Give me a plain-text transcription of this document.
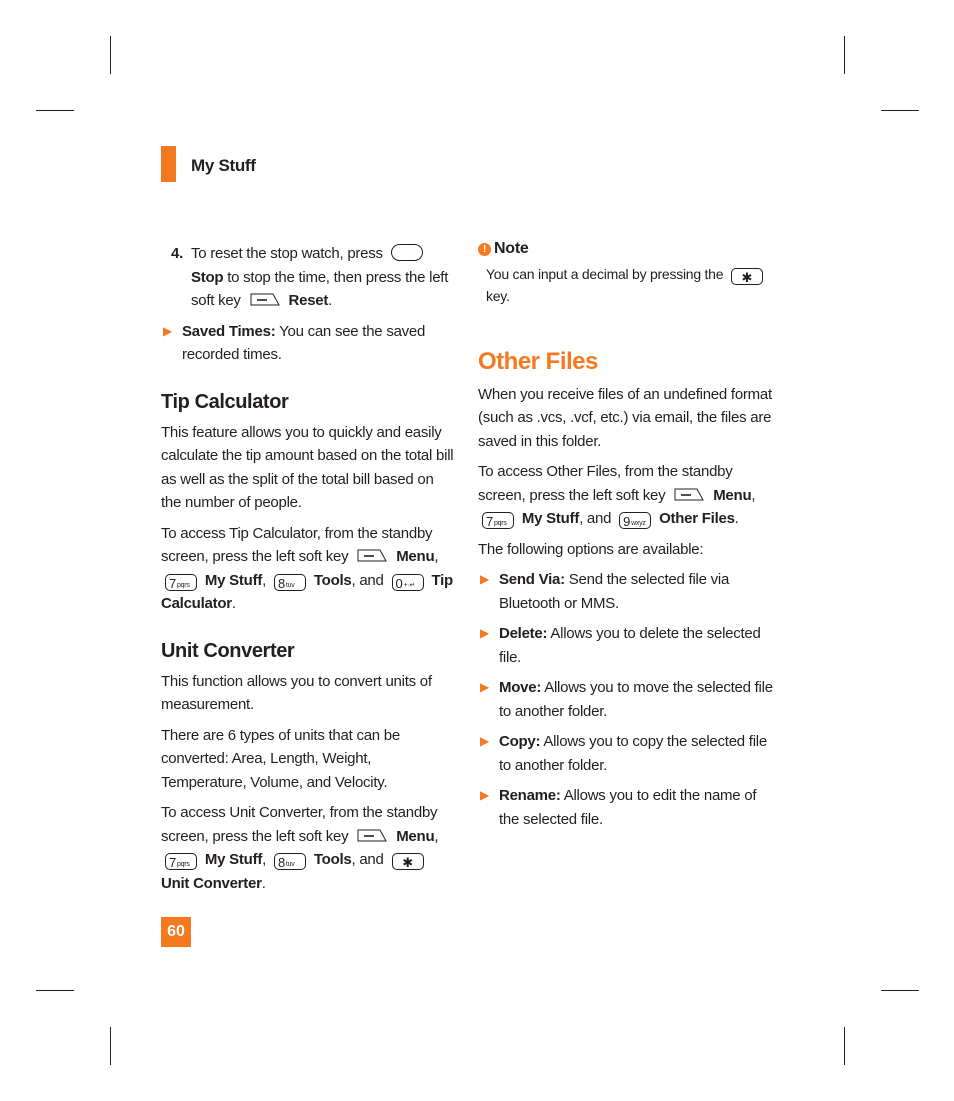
My Stuff

4. To reset the stop watch, press  Stop to stop the time, then press the left soft key	Reset.

▶ Saved Times: You can see the saved recorded times.

Tip Calculator

This feature allows you to quickly and easily calculate the tip amount based on the total bill as well as the split of the total bill based on the number of people.

To access Tip Calculator, from the standby screen, press the left soft key	Menu, 7pqrs My Stuff, 8tuv Tools, and 0+·↵ Tip Calculator.

Unit Converter

This function allows you to convert units of measurement.

There are 6 types of units that can be converted: Area, Length, Weight, Temperature, Volume, and Velocity.

To access Unit Converter, from the standby screen, press the left soft key	Menu, 7pqrs My Stuff, 8tuv Tools, and ✱ Unit Converter.

! Note

You can input a decimal by pressing the ✱ key.

Other Files

When you receive files of an undefined format (such as .vcs, .vcf, etc.) via email, the files are saved in this folder.

To access Other Files, from the standby screen, press the left soft key	Menu, 7pqrs My Stuff, and 9wxyz Other Files.

The following options are available:

▶ Send Via: Send the selected file via Bluetooth or MMS.

▶ Delete: Allows you to delete the selected file.

▶ Move: Allows you to move the selected file to another folder.

▶ Copy: Allows you to copy the selected file to another folder.

▶ Rename: Allows you to edit the name of the selected file.

60
